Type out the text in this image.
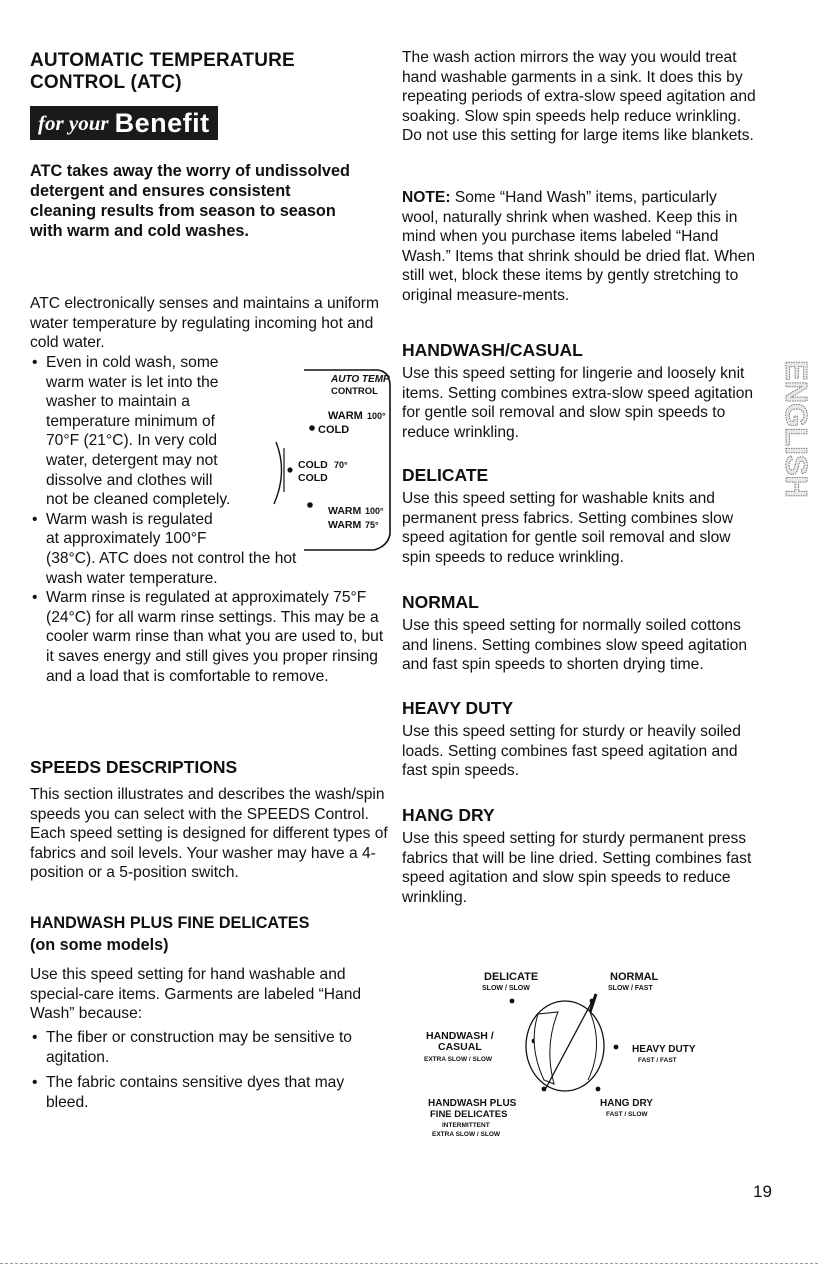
AUTOMATIC TEMPERATURE
CONTROL (ATC)
for your Benefit

ATC takes away the worry of undissolved detergent and ensures consistent cleaning results from season to season with warm and cold washes.

ATC electronically senses and maintains a uniform water temperature by regulating incoming hot and cold water.

• Even in cold wash, some
warm water is let into the
washer to maintain a
temperature minimum of
70°F (21°C). In very cold
water, detergent may not
dissolve and clothes will
not be cleaned completely.
• Warm wash is regulated
at approximately 100°F
(38°C). ATC does not control the hot
wash water temperature.
• Warm rinse is regulated at approximately 75°F (24°C) for all warm rinse settings. This may be a cooler warm rinse than what you are used to, but it saves energy and still gives you proper rinsing and a load that is comfortable to remove.
AUTO TEMP
CONTROL
WARM 100°
COLD
COLD 70°
COLD
WARM 100°
WARM 75°
SPEEDS DESCRIPTIONS

This section illustrates and describes the wash/spin speeds you can select with the SPEEDS Control. Each speed setting is designed for different types of fabrics and soil levels. Your washer may have a 4-position or a 5-position switch.

HANDWASH PLUS FINE DELICATES
(on some models)

Use this speed setting for hand washable and special-care items. Garments are labeled “Hand Wash” because:

• The fiber or construction may be sensitive to agitation.
• The fabric contains sensitive dyes that may bleed.

The wash action mirrors the way you would treat hand washable garments in a sink. It does this by repeating periods of extra-slow speed agitation and soaking. Slow spin speeds help reduce wrinkling. Do not use this setting for large items like blankets.

NOTE: Some “Hand Wash” items, particularly wool, naturally shrink when washed. Keep this in mind when you purchase items labeled “Hand Wash.” Items that shrink should be dried flat. When still wet, block these items by gently stretching to original measure-ments.

HANDWASH/CASUAL

Use this speed setting for lingerie and loosely knit items. Setting combines extra-slow speed agitation for gentle soil removal and slow spin speeds to reduce wrinkling.

DELICATE

Use this speed setting for washable knits and permanent press fabrics. Setting combines slow speed agitation for gentle soil removal and slow spin speeds to reduce wrinkling.

NORMAL

Use this speed setting for normally soiled cottons and linens. Setting combines slow speed agitation and fast spin speeds to shorten drying time.

HEAVY DUTY

Use this speed setting for sturdy or heavily soiled loads. Setting combines fast speed agitation and fast spin speeds.

HANG DRY

Use this speed setting for sturdy permanent press fabrics that will be line dried. Setting combines fast speed agitation and slow spin speeds to reduce wrinkling.

DELICATE
SLOW / SLOW
NORMAL
SLOW / FAST
HANDWASH /
CASUAL
EXTRA SLOW / SLOW
HEAVY DUTY
FAST / FAST
HANDWASH PLUS
FINE DELICATES
INTERMITTENT
EXTRA SLOW / SLOW
HANG DRY
FAST / SLOW
ENGLISH
19
